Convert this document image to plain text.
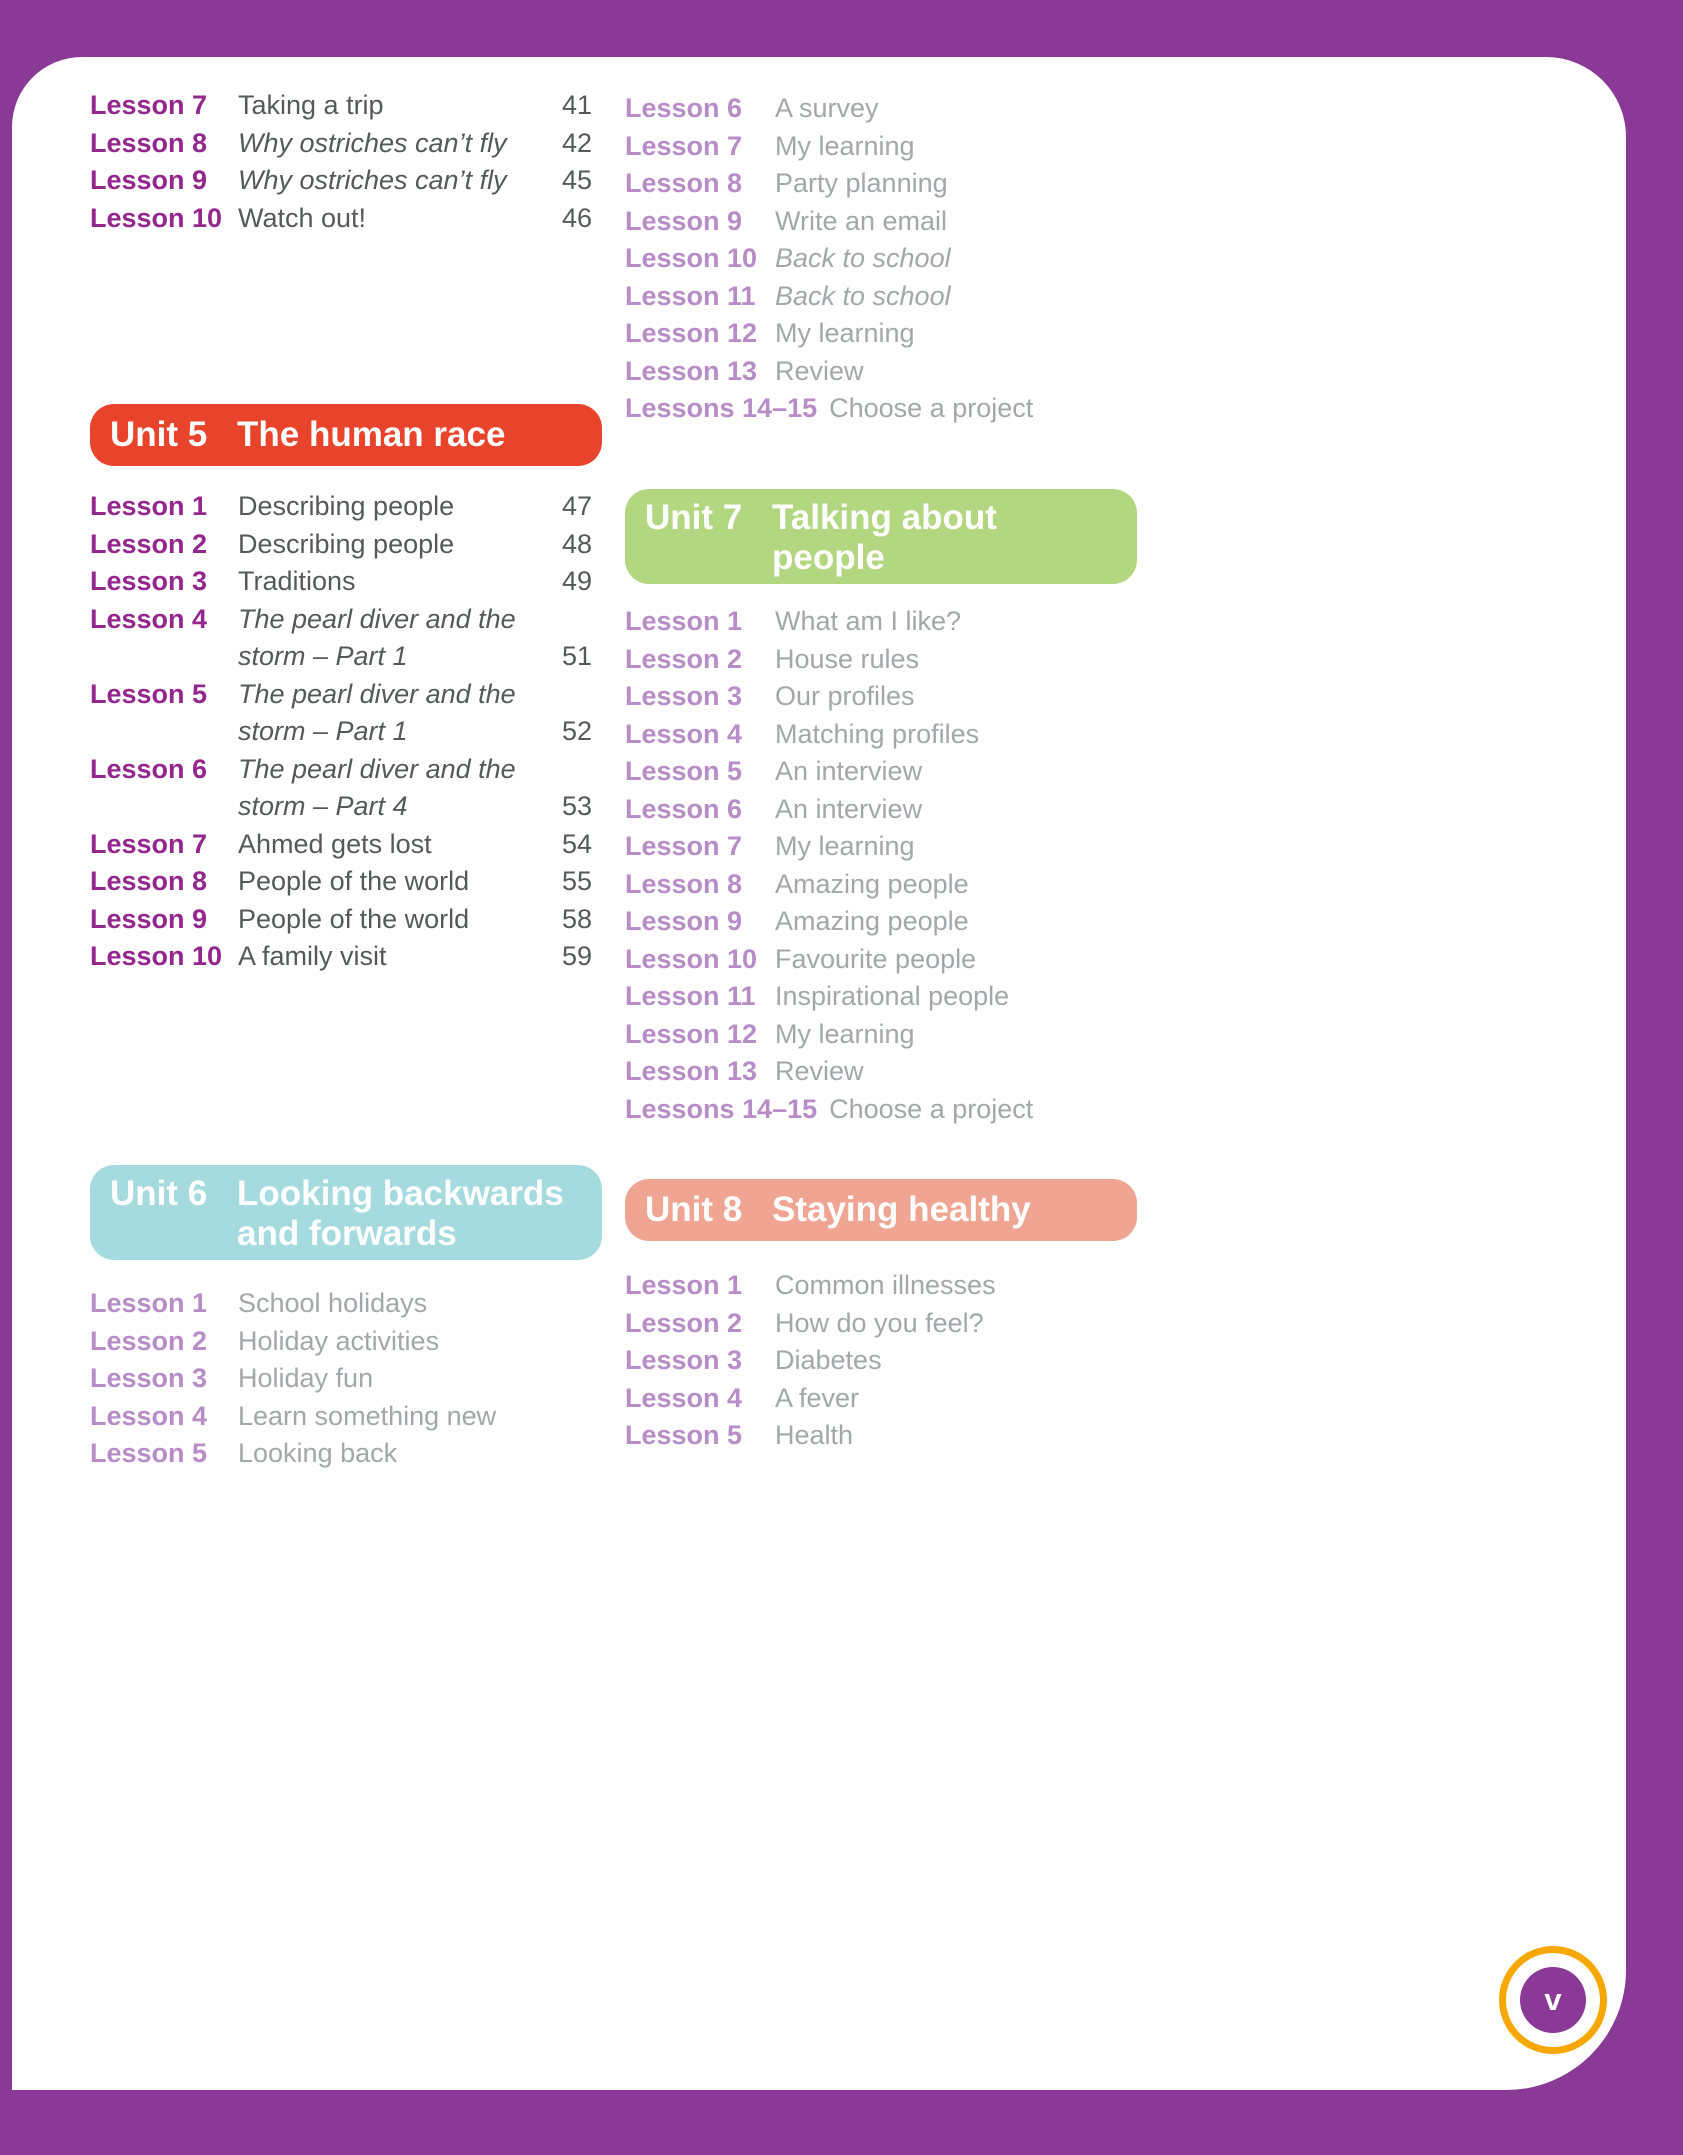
Lesson 7	Taking a trip	41
Lesson 8	Why ostriches can’t fly	42
Lesson 9	Why ostriches can’t fly	45
Lesson 10 Watch out!	46
Unit 5 The human race
Lesson 1	Describing people	47
Lesson 2	Describing people	48
Lesson 3	Traditions	49
Lesson 4	The pearl diver and the storm – Part 1	51
Lesson 5	The pearl diver and the storm – Part 1	52
Lesson 6	The pearl diver and the storm – Part 4	53
Lesson 7	Ahmed gets lost	54
Lesson 8	People of the world	55
Lesson 9	People of the world	58
Lesson 10 A family visit	59
Unit 6 Looking backwards and forwards
Lesson 1	School holidays
Lesson 2	Holiday activities
Lesson 3	Holiday fun
Lesson 4	Learn something new
Lesson 5	Looking back
Lesson 6	A survey
Lesson 7	My learning
Lesson 8	Party planning
Lesson 9	Write an email
Lesson 10 Back to school
Lesson 11 Back to school
Lesson 12 My learning
Lesson 13 Review
Lessons 14–15 Choose a project
Unit 7 Talking about people
Lesson 1	What am I like?
Lesson 2	House rules
Lesson 3	Our profiles
Lesson 4	Matching profiles
Lesson 5	An interview
Lesson 6	An interview
Lesson 7	My learning
Lesson 8	Amazing people
Lesson 9	Amazing people
Lesson 10 Favourite people
Lesson 11 Inspirational people
Lesson 12 My learning
Lesson 13 Review
Lessons 14–15 Choose a project
Unit 8 Staying healthy
Lesson 1	Common illnesses
Lesson 2	How do you feel?
Lesson 3	Diabetes
Lesson 4	A fever
Lesson 5	Health
v
